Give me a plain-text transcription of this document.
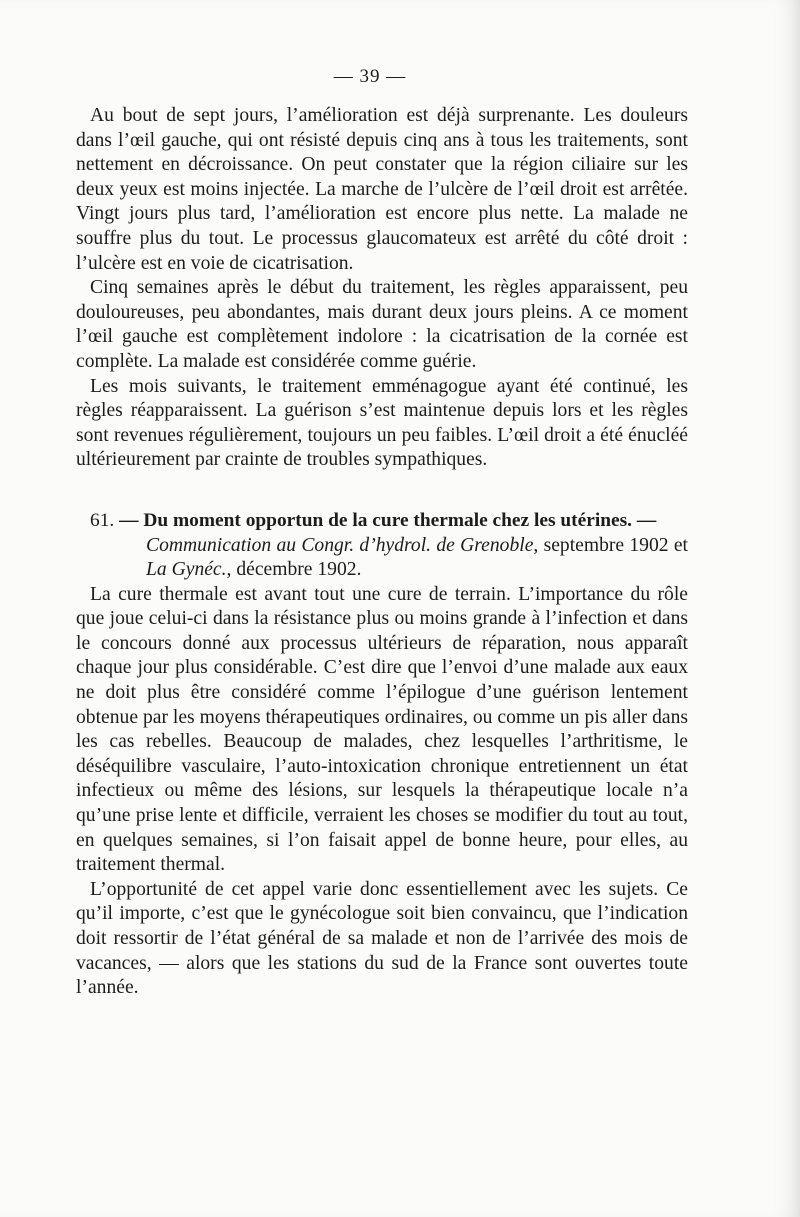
— 39 —

Au bout de sept jours, l’amélioration est déjà surprenante. Les douleurs dans l’œil gauche, qui ont résisté depuis cinq ans à tous les traitements, sont nettement en décroissance. On peut constater que la région ciliaire sur les deux yeux est moins injectée. La marche de l’ulcère de l’œil droit est arrêtée. Vingt jours plus tard, l’amélioration est encore plus nette. La malade ne souffre plus du tout. Le processus glaucomateux est arrêté du côté droit : l’ulcère est en voie de cicatrisation.

Cinq semaines après le début du traitement, les règles apparaissent, peu douloureuses, peu abondantes, mais durant deux jours pleins. A ce moment l’œil gauche est complètement indolore : la cicatrisation de la cornée est complète. La malade est considérée comme guérie.

Les mois suivants, le traitement emménagogue ayant été continué, les règles réapparaissent. La guérison s’est maintenue depuis lors et les règles sont revenues régulièrement, toujours un peu faibles. L’œil droit a été énucléé ultérieurement par crainte de troubles sympathiques.

61. — Du moment opportun de la cure thermale chez les utérines. —

Communication au Congr. d’hydrol. de Grenoble, septembre 1902 et La Gynéc., décembre 1902.

La cure thermale est avant tout une cure de terrain. L’importance du rôle que joue celui-ci dans la résistance plus ou moins grande à l’infection et dans le concours donné aux processus ultérieurs de réparation, nous apparaît chaque jour plus considérable. C’est dire que l’envoi d’une malade aux eaux ne doit plus être considéré comme l’épilogue d’une guérison lentement obtenue par les moyens thérapeutiques ordinaires, ou comme un pis aller dans les cas rebelles. Beaucoup de malades, chez lesquelles l’arthritisme, le déséquilibre vasculaire, l’auto-intoxication chronique entretiennent un état infectieux ou même des lésions, sur lesquels la thérapeutique locale n’a qu’une prise lente et difficile, verraient les choses se modifier du tout au tout, en quelques semaines, si l’on faisait appel de bonne heure, pour elles, au traitement thermal.

L’opportunité de cet appel varie donc essentiellement avec les sujets. Ce qu’il importe, c’est que le gynécologue soit bien convaincu, que l’indication doit ressortir de l’état général de sa malade et non de l’arrivée des mois de vacances, — alors que les stations du sud de la France sont ouvertes toute l’année.
